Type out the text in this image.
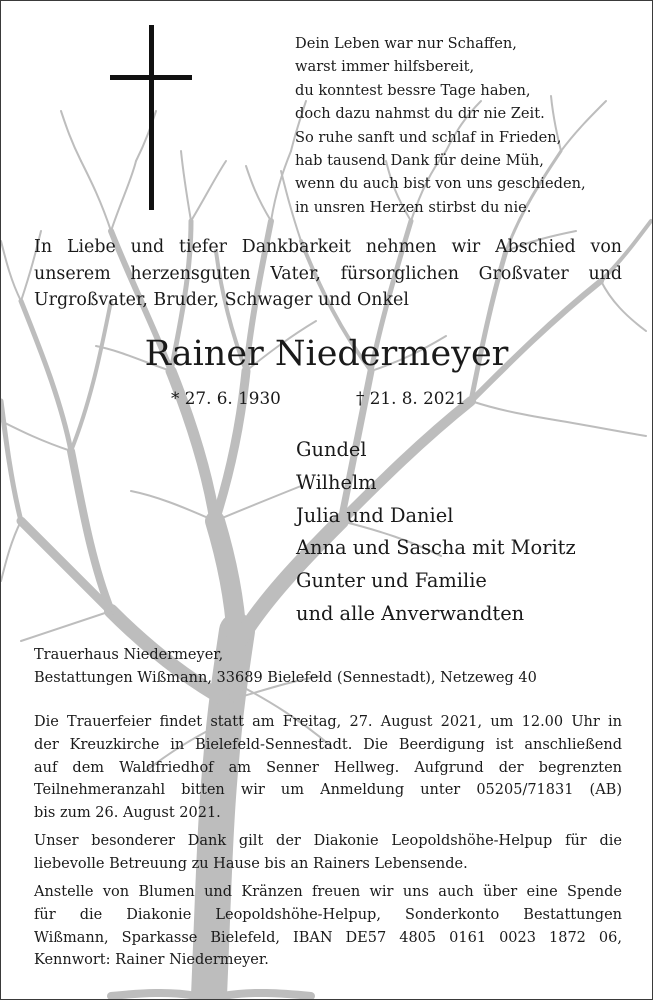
Dein Leben war nur Schaffen,
warst immer hilfsbereit,
du konntest bessre Tage haben,
doch dazu nahmst du dir nie Zeit.
So ruhe sanft und schlaf in Frieden,
hab tausend Dank für deine Müh,
wenn du auch bist von uns geschieden,
in unsren Herzen stirbst du nie.
In Liebe und tiefer Dankbarkeit nehmen wir Abschied von
unserem herzensguten Vater, fürsorglichen Großvater und
Urgroßvater, Bruder, Schwager und Onkel
Rainer Niedermeyer
* 27. 6. 1930	† 21. 8. 2021
Gundel
Wilhelm
Julia und Daniel
Anna und Sascha mit Moritz
Gunter und Familie
und alle Anverwandten
Trauerhaus Niedermeyer,
Bestattungen Wißmann, 33689 Bielefeld (Sennestadt), Netzeweg 40
Die Trauerfeier findet statt am Freitag, 27. August 2021, um 12.00 Uhr in
der Kreuzkirche in Bielefeld-Sennestadt. Die Beerdigung ist anschließend
auf dem Waldfriedhof am Senner Hellweg. Aufgrund der begrenzten
Teilnehmeranzahl bitten wir um Anmeldung unter 05205/71831 (AB)
bis zum 26. August 2021.
Unser besonderer Dank gilt der Diakonie Leopoldshöhe-Helpup für die
liebevolle Betreuung zu Hause bis an Rainers Lebensende.
Anstelle von Blumen und Kränzen freuen wir uns auch über eine Spende
für die Diakonie Leopoldshöhe-Helpup, Sonderkonto Bestattungen
Wißmann, Sparkasse Bielefeld, IBAN DE57 4805 0161 0023 1872 06,
Kennwort: Rainer Niedermeyer.
